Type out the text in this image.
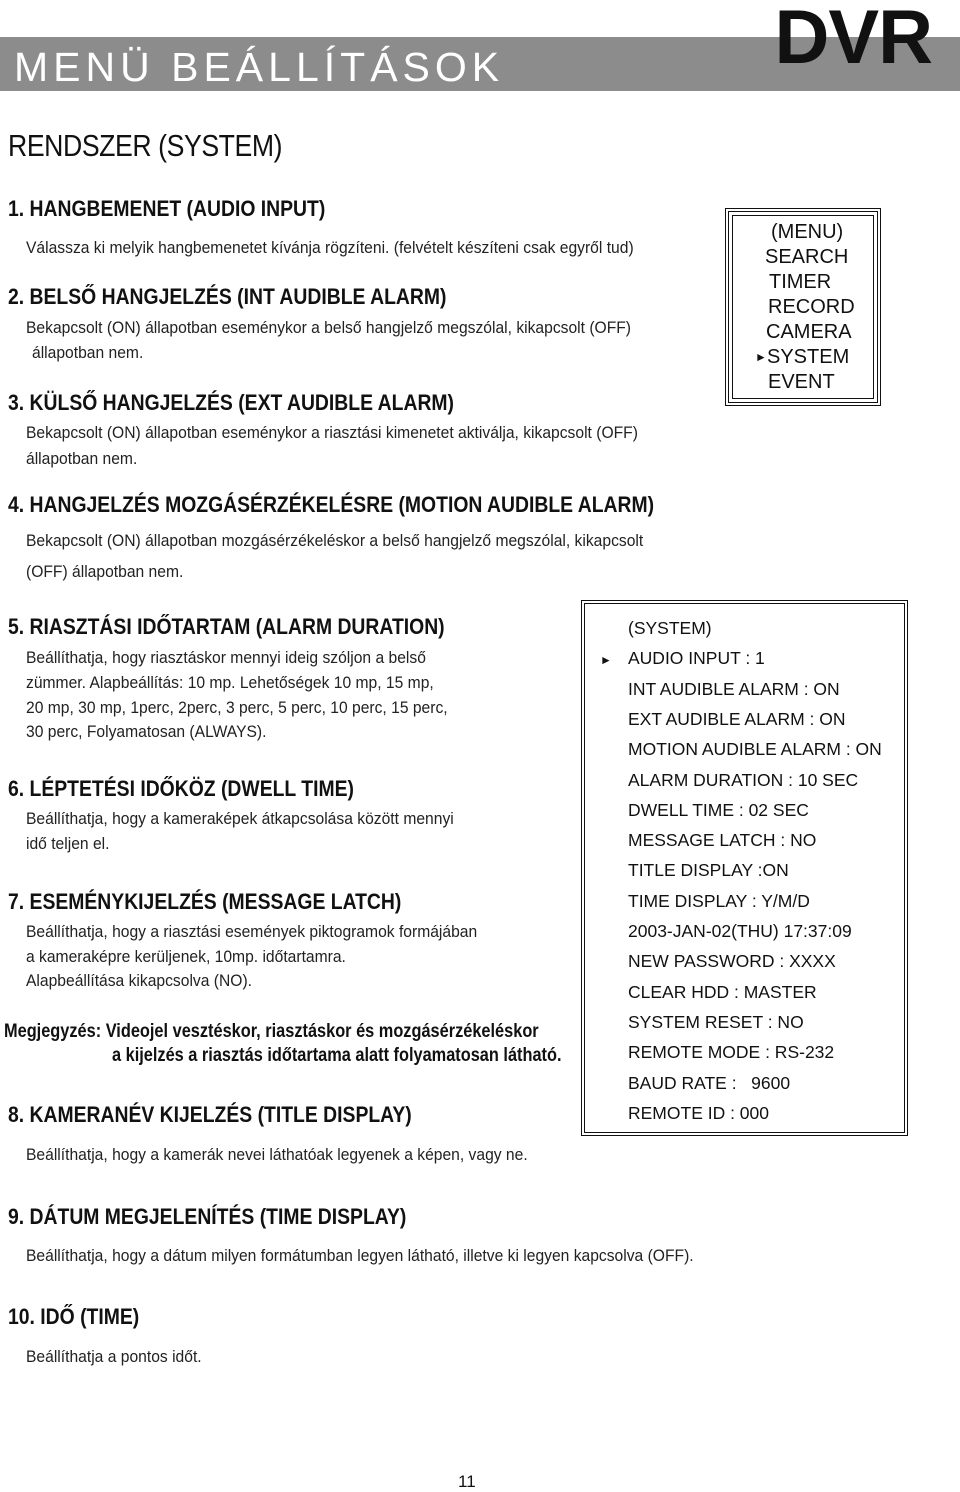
MENÜ BEÁLLÍTÁSOK	DVR
RENDSZER (SYSTEM)
1. HANGBEMENET (AUDIO INPUT)
Válassza ki melyik hangbemenetet kívánja rögzíteni. (felvételt készíteni csak egyről tud)
2. BELSŐ HANGJELZÉS (INT AUDIBLE ALARM)
Bekapcsolt (ON) állapotban eseménykor a belső hangjelző megszólal, kikapcsolt (OFF)
állapotban nem.
3. KÜLSŐ HANGJELZÉS (EXT AUDIBLE ALARM)
Bekapcsolt (ON) állapotban eseménykor a riasztási kimenetet aktiválja, kikapcsolt (OFF)
állapotban nem.
4. HANGJELZÉS MOZGÁSÉRZÉKELÉSRE (MOTION AUDIBLE ALARM)
Bekapcsolt (ON) állapotban mozgásérzékeléskor a belső hangjelző megszólal, kikapcsolt
(OFF) állapotban nem.
5. RIASZTÁSI IDŐTARTAM (ALARM DURATION)
Beállíthatja, hogy riasztáskor mennyi ideig szóljon a belső
zümmer. Alapbeállítás: 10 mp. Lehetőségek 10 mp, 15 mp,
20 mp, 30 mp, 1perc, 2perc, 3 perc, 5 perc, 10 perc, 15 perc,
30 perc, Folyamatosan (ALWAYS).
6. LÉPTETÉSI IDŐKÖZ (DWELL TIME)
Beállíthatja, hogy a kameraképek átkapcsolása között mennyi
idő teljen el.
7. ESEMÉNYKIJELZÉS (MESSAGE LATCH)
Beállíthatja, hogy a riasztási események piktogramok formájában
a kameraképre kerüljenek, 10mp. időtartamra.
Alapbeállítása kikapcsolva (NO).
Megjegyzés: Videojel vesztéskor, riasztáskor és mozgásérzékeléskor
a kijelzés a riasztás időtartama alatt folyamatosan látható.
8. KAMERANÉV KIJELZÉS (TITLE DISPLAY)
Beállíthatja, hogy a kamerák nevei láthatóak legyenek a képen, vagy ne.
9. DÁTUM MEGJELENÍTÉS (TIME DISPLAY)
Beállíthatja, hogy a dátum milyen formátumban legyen látható, illetve ki legyen kapcsolva (OFF).
10. IDŐ (TIME)
Beállíthatja a pontos időt.
(MENU)
SEARCH
TIMER
RECORD
CAMERA
► SYSTEM
EVENT
►
(SYSTEM)
AUDIO INPUT : 1
INT AUDIBLE ALARM : ON
EXT AUDIBLE ALARM : ON
MOTION AUDIBLE ALARM : ON
ALARM DURATION : 10 SEC
DWELL TIME : 02 SEC
MESSAGE LATCH : NO
TITLE DISPLAY :ON
TIME DISPLAY : Y/M/D
2003-JAN-02(THU) 17:37:09
NEW PASSWORD : XXXX
CLEAR HDD : MASTER
SYSTEM RESET : NO
REMOTE MODE : RS-232
BAUD RATE :   9600
REMOTE ID : 000
11
